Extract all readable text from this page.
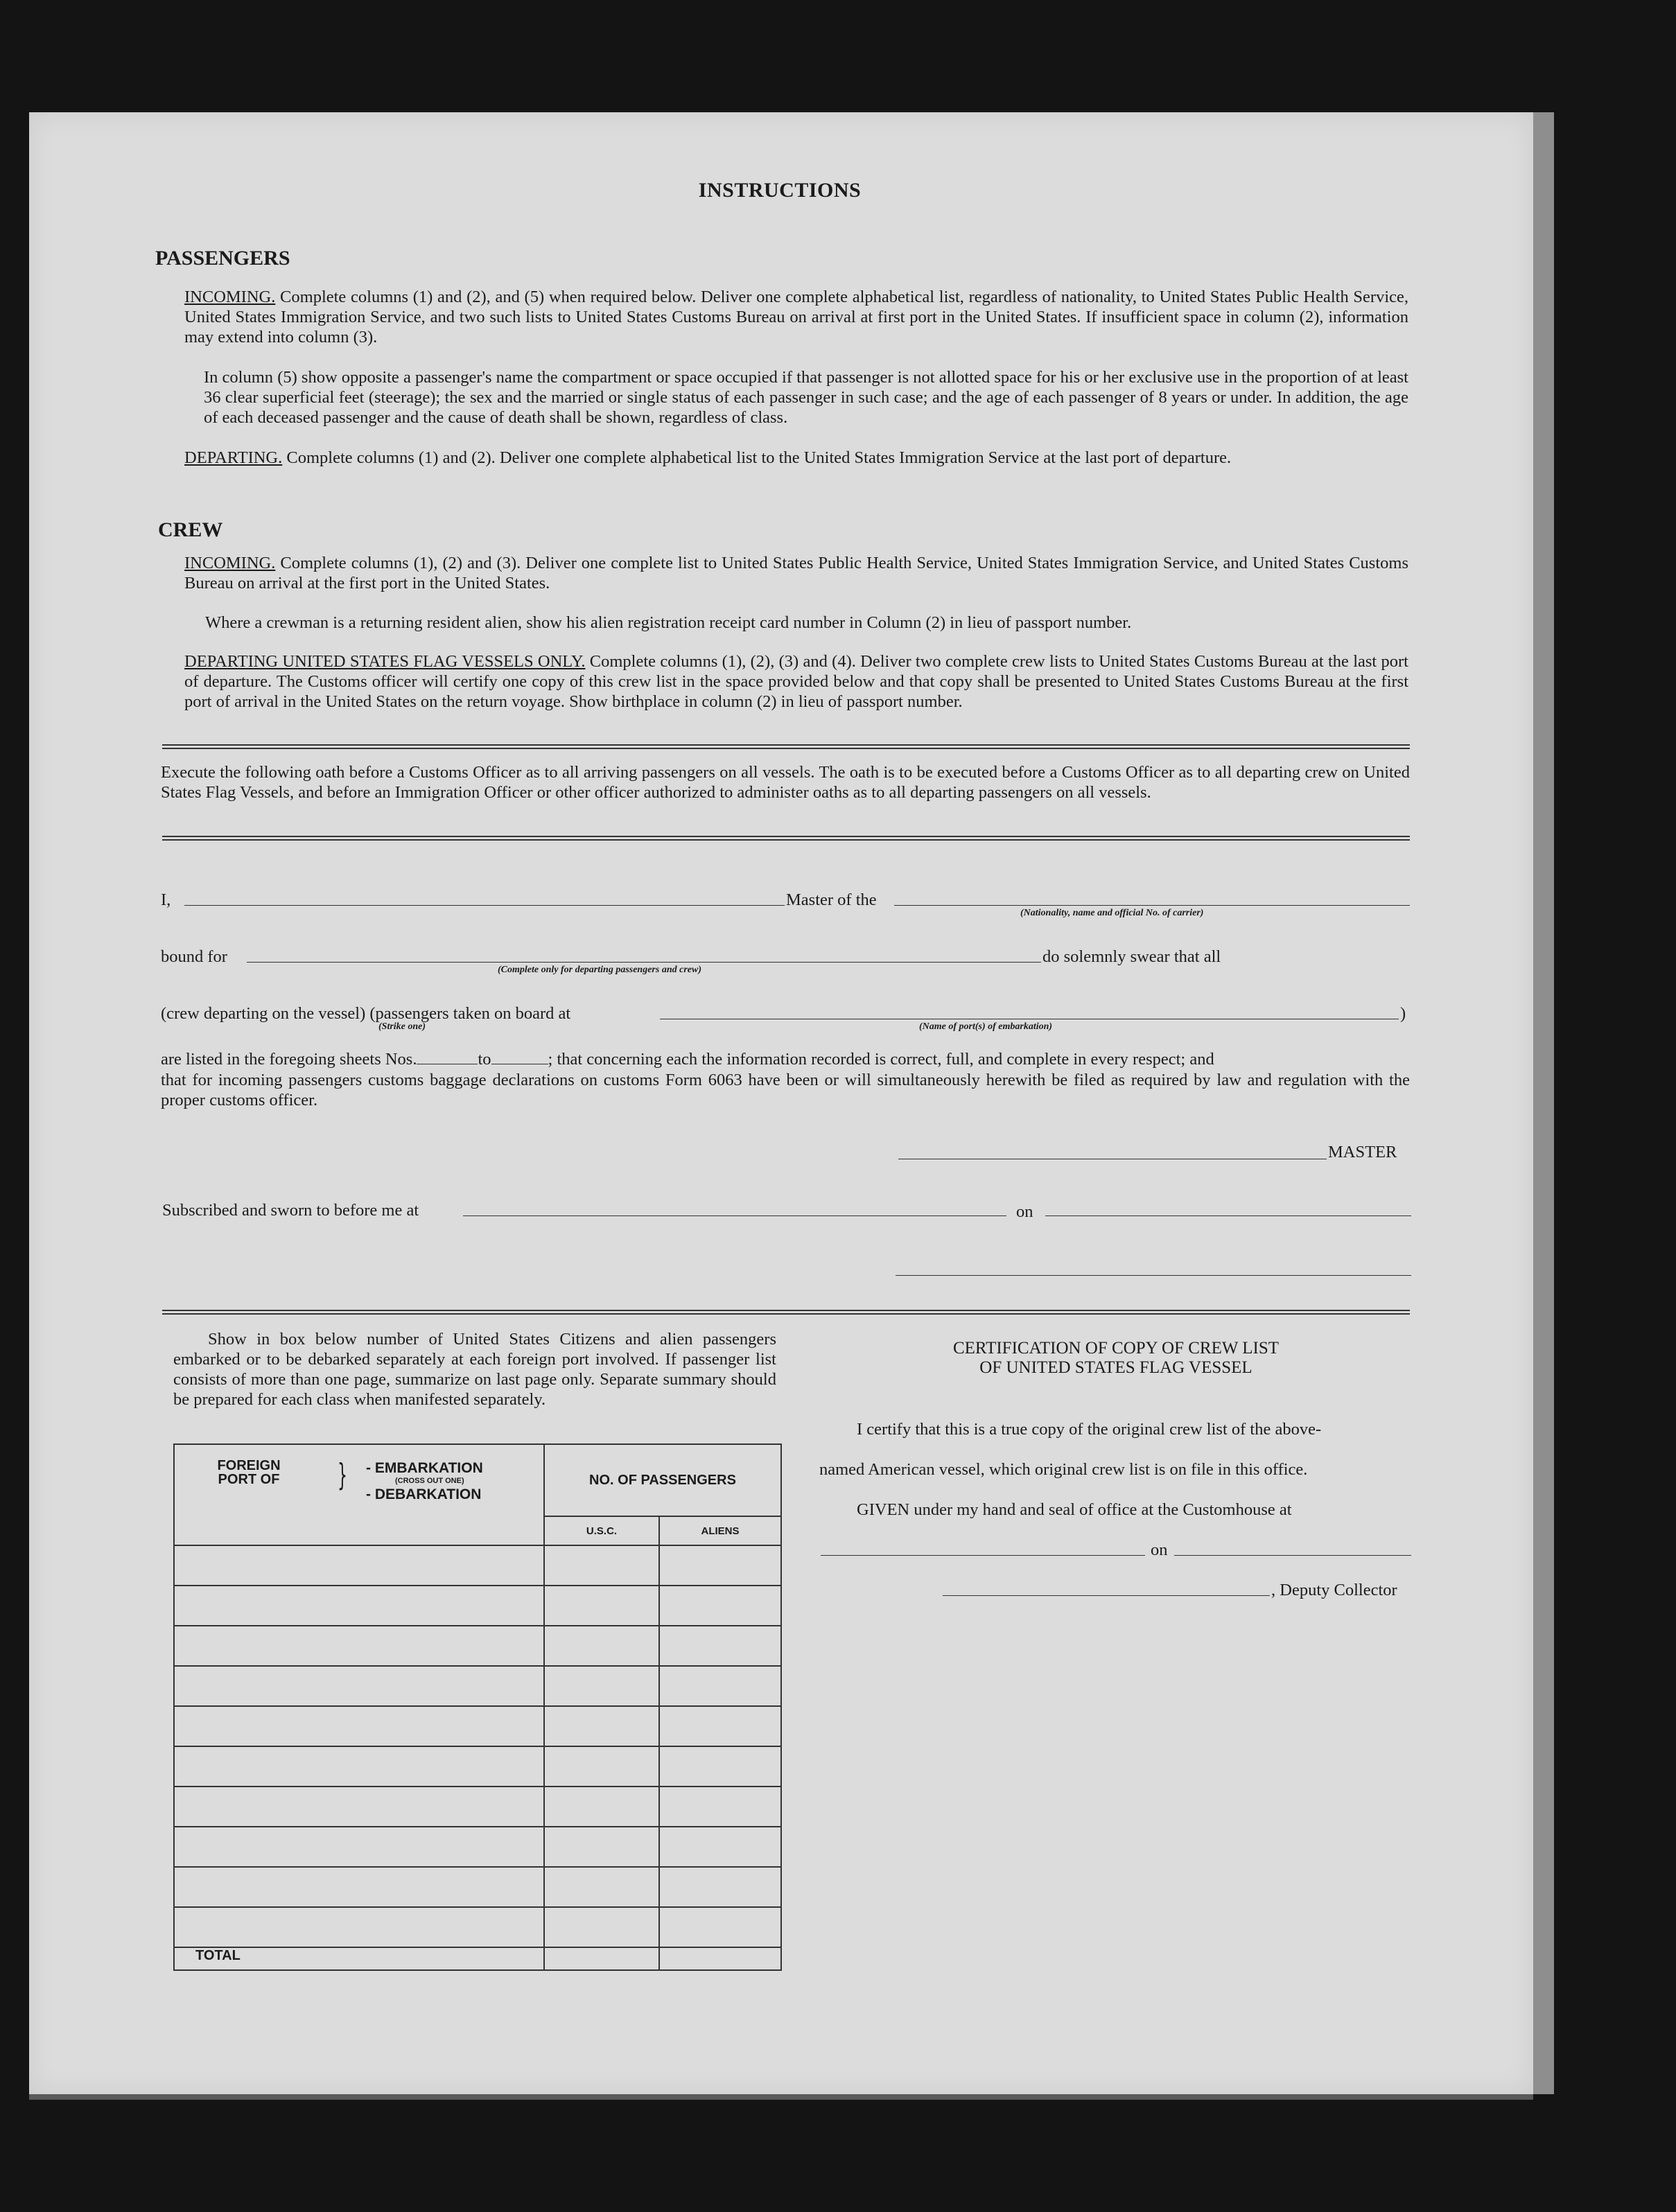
INSTRUCTIONS
PASSENGERS
INCOMING. Complete columns (1) and (2), and (5) when required below. Deliver one complete alphabetical list, regardless of nationality, to United States Public Health Service, United States Immigration Service, and two such lists to United States Customs Bureau on arrival at first port in the United States. If insufficient space in column (2), information may extend into column (3).
In column (5) show opposite a passenger's name the compartment or space occupied if that passenger is not allotted space for his or her exclusive use in the proportion of at least 36 clear superficial feet (steerage); the sex and the married or single status of each passenger in such case; and the age of each passenger of 8 years or under. In addition, the age of each deceased passenger and the cause of death shall be shown, regardless of class.
DEPARTING. Complete columns (1) and (2). Deliver one complete alphabetical list to the United States Immigration Service at the last port of departure.
CREW
INCOMING. Complete columns (1), (2) and (3). Deliver one complete list to United States Public Health Service, United States Immigration Service, and United States Customs Bureau on arrival at the first port in the United States.
Where a crewman is a returning resident alien, show his alien registration receipt card number in Column (2) in lieu of passport number.
DEPARTING UNITED STATES FLAG VESSELS ONLY. Complete columns (1), (2), (3) and (4). Deliver two complete crew lists to United States Customs Bureau at the last port of departure. The Customs officer will certify one copy of this crew list in the space provided below and that copy shall be presented to United States Customs Bureau at the first port of arrival in the United States on the return voyage. Show birthplace in column (2) in lieu of passport number.
Execute the following oath before a Customs Officer as to all arriving passengers on all vessels. The oath is to be executed before a Customs Officer as to all departing crew on United States Flag Vessels, and before an Immigration Officer or other officer authorized to administer oaths as to all departing passengers on all vessels.
I,	Master of the
(Nationality, name and official No. of carrier)
bound for
(Complete only for departing passengers and crew)
do solemnly swear that all
(crew departing on the vessel) (passengers taken on board at	)
(Strike one)	(Name of port(s) of embarkation)
are listed in the foregoing sheets Nos.	to	; that concerning each the information recorded is correct, full, and complete in every respect; and
that for incoming passengers customs baggage declarations on customs Form 6063 have been or will simultaneously herewith be filed as required by law and regulation with the proper customs officer.
MASTER
Subscribed and sworn to before me at	on
Show in box below number of United States Citizens and alien passengers embarked or to be debarked separately at each foreign port involved. If passenger list consists of more than one page, summarize on last page only. Separate summary should be prepared for each class when manifested separately.
FOREIGN PORT OF } - EMBARKATION
(CROSS OUT ONE)
- DEBARKATION	NO. OF PASSENGERS	
	U.S.C.	ALIENS

TOTAL		
CERTIFICATION OF COPY OF CREW LIST
OF UNITED STATES FLAG VESSEL
I certify that this is a true copy of the original crew list of the above-
named American vessel, which original crew list is on file in this office.
GIVEN under my hand and seal of office at the Customhouse at
on
, Deputy Collector
